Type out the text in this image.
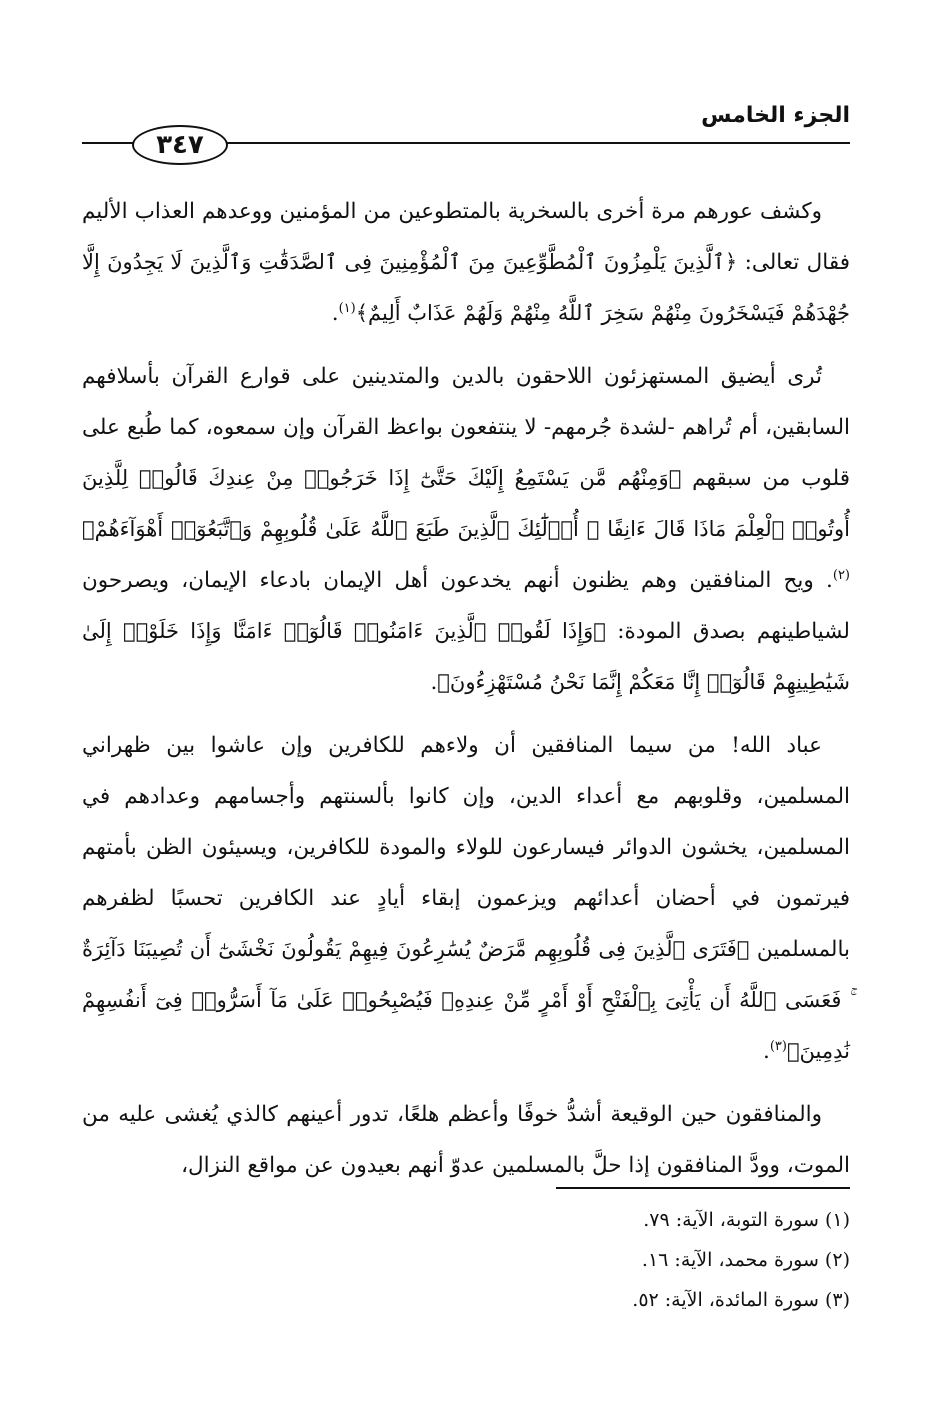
الجزء الخامس
٣٤٧

وكشف عورهم مرة أخرى بالسخرية بالمتطوعين من المؤمنين ووعدهم العذاب الأليم فقال تعالى: ﴿ٱلَّذِينَ يَلْمِزُونَ ٱلْمُطَّوِّعِينَ مِنَ ٱلْمُؤْمِنِينَ فِى ٱلصَّدَقَٰتِ وَٱلَّذِينَ لَا يَجِدُونَ إِلَّا جُهْدَهُمْ فَيَسْخَرُونَ مِنْهُمْ سَخِرَ ٱللَّهُ مِنْهُمْ وَلَهُمْ عَذَابٌ أَلِيمٌ﴾$^{(١)}$.

تُرى أيضيق المستهزئون اللاحقون بالدين والمتدينين على قوارع القرآن بأسلافهم السابقين، أم تُراهم -لشدة جُرمهم- لا ينتفعون بواعظ القرآن وإن سمعوه، كما طُبع على قلوب من سبقهم ﴿وَمِنْهُم مَّن يَسْتَمِعُ إِلَيْكَ حَتَّىٰٓ إِذَا خَرَجُوا۟ مِنْ عِندِكَ قَالُوا۟ لِلَّذِينَ أُوتُوا۟ ٱلْعِلْمَ مَاذَا قَالَ ءَانِفًا ۚ أُو۟لَٰٓئِكَ ٱلَّذِينَ طَبَعَ ٱللَّهُ عَلَىٰ قُلُوبِهِمْ وَٱتَّبَعُوٓا۟ أَهْوَآءَهُمْ﴾$^{(٢)}$. ويح المنافقين وهم يظنون أنهم يخدعون أهل الإيمان بادعاء الإيمان، ويصرحون لشياطينهم بصدق المودة: ﴿وَإِذَا لَقُوا۟ ٱلَّذِينَ ءَامَنُوا۟ قَالُوٓا۟ ءَامَنَّا وَإِذَا خَلَوْا۟ إِلَىٰ شَيَٰطِينِهِمْ قَالُوٓا۟ إِنَّا مَعَكُمْ إِنَّمَا نَحْنُ مُسْتَهْزِءُونَ﴾.

عباد الله! من سيما المنافقين أن ولاءهم للكافرين وإن عاشوا بين ظهراني المسلمين، وقلوبهم مع أعداء الدين، وإن كانوا بألسنتهم وأجسامهم وعدادهم في المسلمين، يخشون الدوائر فيسارعون للولاء والمودة للكافرين، ويسيئون الظن بأمتهم فيرتمون في أحضان أعدائهم ويزعمون إبقاء أيادٍ عند الكافرين تحسبًا لظفرهم بالمسلمين ﴿فَتَرَى ٱلَّذِينَ فِى قُلُوبِهِم مَّرَضٌ يُسَٰرِعُونَ فِيهِمْ يَقُولُونَ نَخْشَىٰٓ أَن تُصِيبَنَا دَآئِرَةٌ ۚ فَعَسَى ٱللَّهُ أَن يَأْتِىَ بِٱلْفَتْحِ أَوْ أَمْرٍ مِّنْ عِندِهِۦ فَيُصْبِحُوا۟ عَلَىٰ مَآ أَسَرُّوا۟ فِىٓ أَنفُسِهِمْ نَٰدِمِينَ﴾$^{(٣)}$.

والمنافقون حين الوقيعة أشدُّ خوفًا وأعظم هلعًا، تدور أعينهم كالذي يُغشى عليه من الموت، وودَّ المنافقون إذا حلَّ بالمسلمين عدوّ أنهم بعيدون عن مواقع النزال،

(١) سورة التوبة، الآية: ٧٩.

(٢) سورة محمد، الآية: ١٦.

(٣) سورة المائدة، الآية: ٥٢.
